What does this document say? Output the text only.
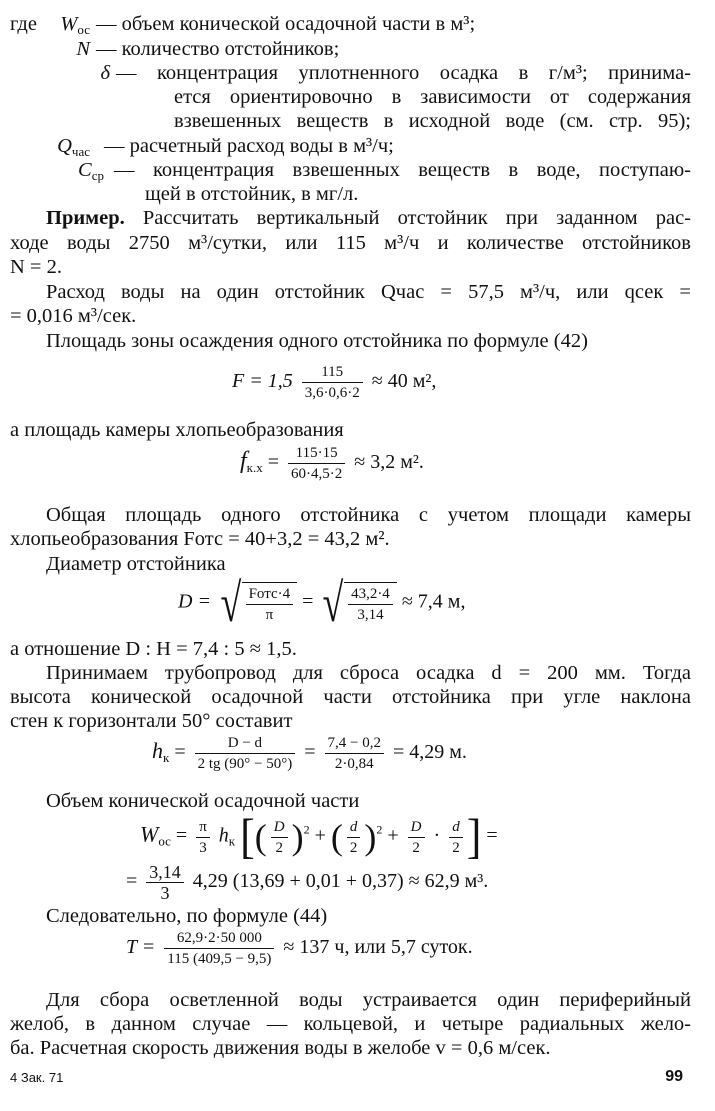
где	$W_{ос}$ — объем конической осадочной части в м³;
N — количество отстойников;
δ — концентрация уплотненного осадка в г/м³; принима-
ется ориентировочно в зависимости от содержания
взвешенных веществ в исходной воде (см. стр. 95);
$Q_{час}$ — расчетный расход воды в м³/ч;
$C_{ср}$ — концентрация взвешенных веществ в воде, поступаю-
щей в отстойник, в мг/л.
Пример. Рассчитать вертикальный отстойник при заданном рас-
ходе воды 2750 м³/сутки, или 115 м³/ч и количестве отстойников
N = 2.
Расход воды на один отстойник Qчас = 57,5 м³/ч, или qсек =
= 0,016 м³/сек.
Площадь зоны осаждения одного отстойника по формуле (42)
$F = 1,5 \frac{115}{3,6\cdot 0,6\cdot 2} \approx 40$ м²,
а площадь камеры хлопьеобразования
$f_{к.х} = \frac{115\cdot 15}{60\cdot 4,5\cdot 2} \approx 3,2$ м².
Общая площадь одного отстойника с учетом площади камеры
хлопьеобразования Fотс = 40+3,2 = 43,2 м².
Диаметр отстойника
D = √ $\frac{\text{Fотс·4}}{\pi}$ = √ $\frac{43,2\cdot 4}{3,14} \approx 7,4$ м,
а отношение D : H = 7,4 : 5 ≈ 1,5.
Принимаем трубопровод для сброса осадка d = 200 мм. Тогда
высота конической осадочной части отстойника при угле наклона
стен к горизонтали 50° составит
$h_к = \frac{D - d}{2 tg (90^\circ - 50^\circ)} = \frac{7,4 - 0,2}{2\cdot 0,84} = 4,29$ м.
Объем конической осадочной части
$W_{ос} = \frac{\pi}{3} h_к$ [( $\frac{D}{2} )^2$ + ( $\frac{d}{2} )^2 + \frac{D}{2} \cdot \frac{d}{2}$ ] =
= $\frac{3,14}{3} 4,29$ (13,69 + 0,01 + 0,37) ≈ 62,9 м³.
Следовательно, по формуле (44)
$T = \frac{62,9\cdot 2\cdot 50 000}{115 (409,5 - 9,5)} \approx 137$ ч, или 5,7 суток.
Для сбора осветленной воды устраивается один периферийный
желоб, в данном случае — кольцевой, и четыре радиальных жело-
ба. Расчетная скорость движения воды в желобе v = 0,6 м/сек.
4 Зак. 71	99
